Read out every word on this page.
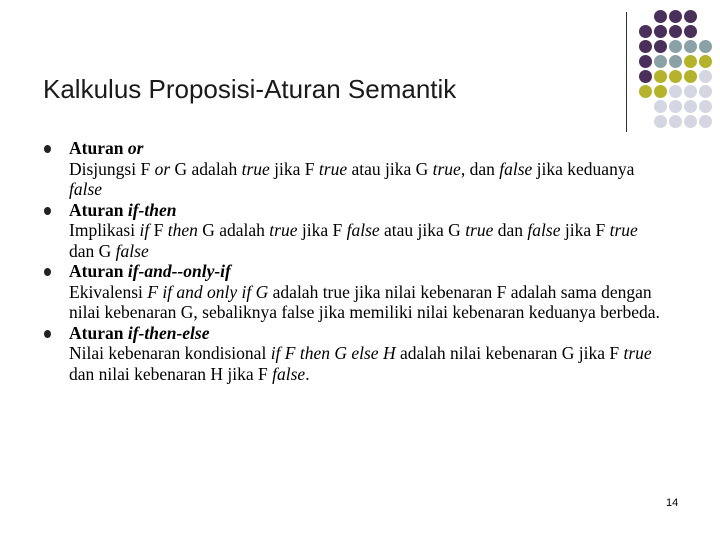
Kalkulus Proposisi-Aturan Semantik
Aturan or
Disjungsi F or G adalah true jika F true atau jika G true, dan false jika keduanya false
Aturan if-then
Implikasi if F then G adalah true jika F false atau jika G true dan false jika F true dan G false
Aturan if-and--only-if
Ekivalensi F if and only if G adalah true jika nilai kebenaran F adalah sama dengan nilai kebenaran G, sebaliknya false jika memiliki nilai kebenaran keduanya berbeda.
Aturan if-then-else
Nilai kebenaran kondisional if F then G else H adalah nilai kebenaran G jika F true dan nilai kebenaran H jika F false.
14
